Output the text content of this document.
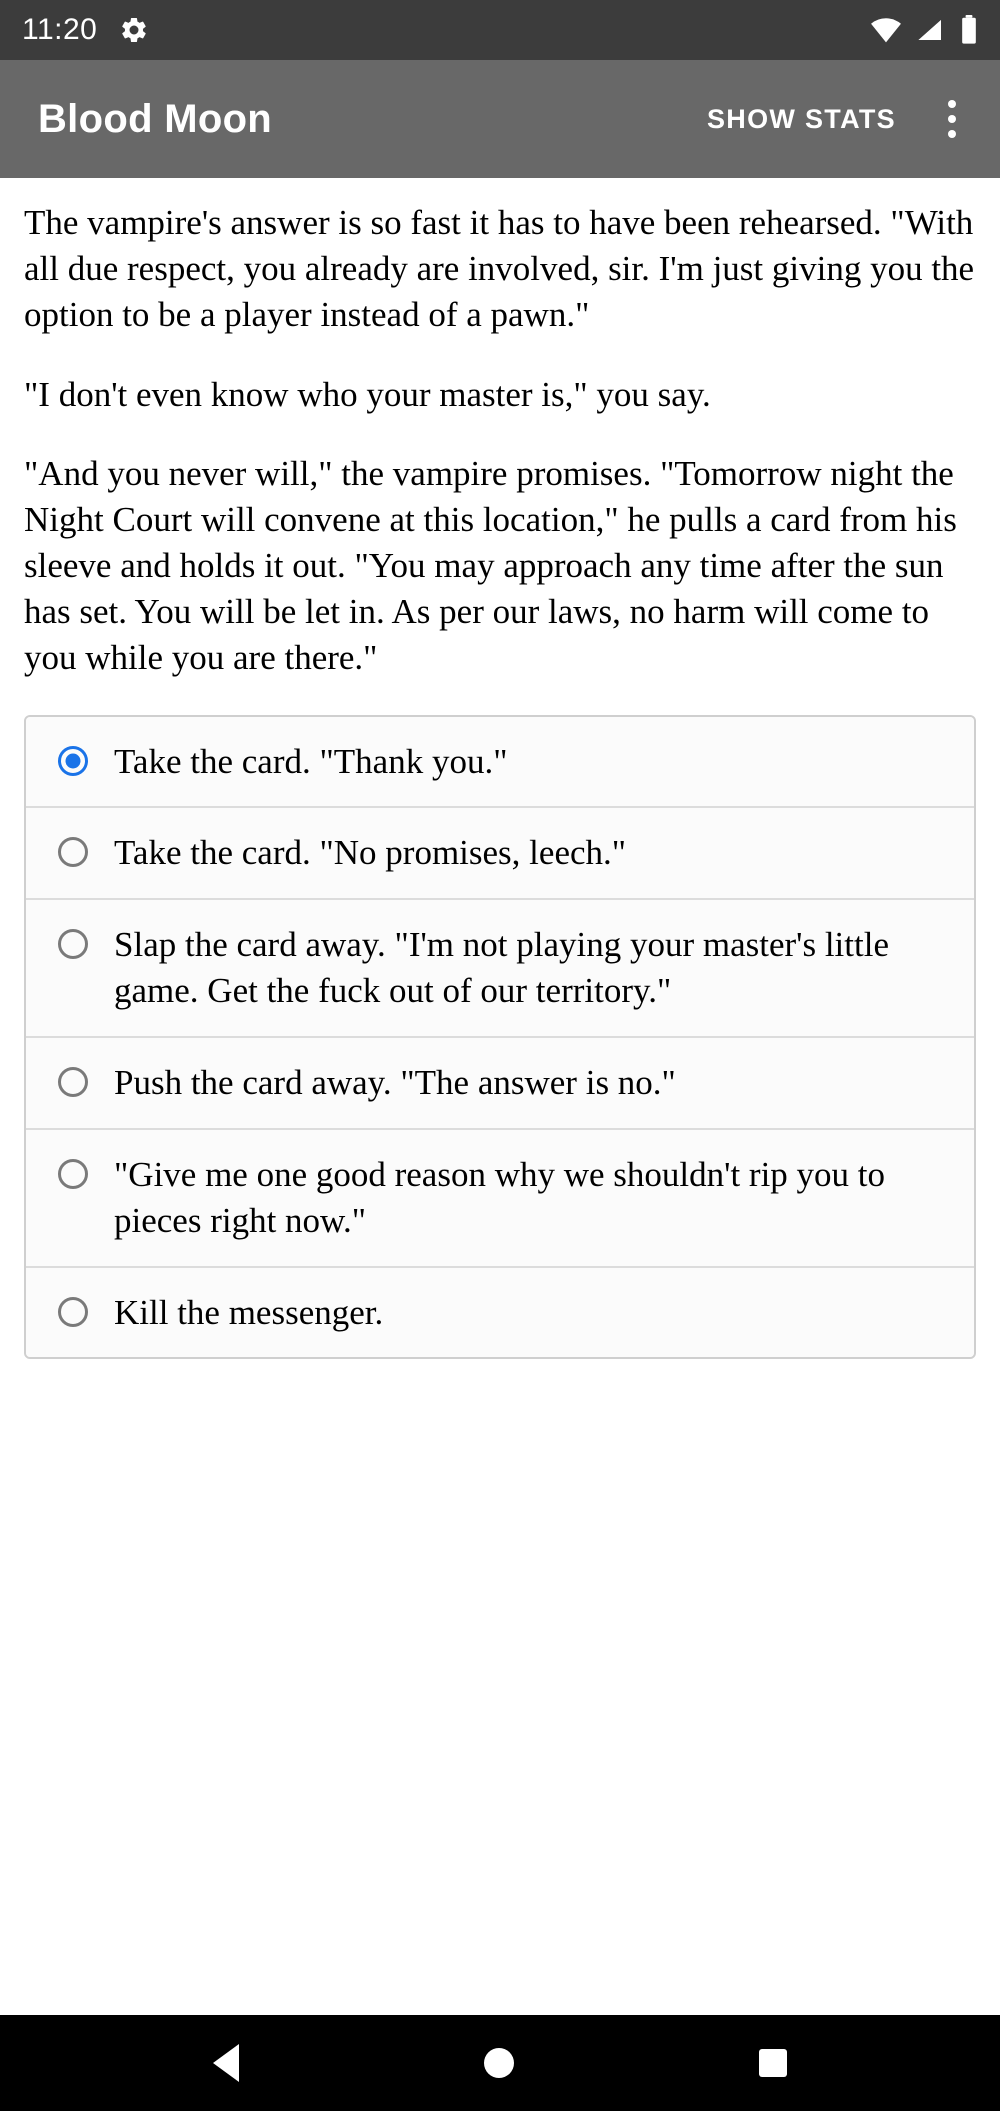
11:20
Blood Moon	SHOW STATS

The vampire's answer is so fast it has to have been rehearsed. "With all due respect, you already are involved, sir. I'm just giving you the option to be a player instead of a pawn."

"I don't even know who your master is," you say.

"And you never will," the vampire promises. "Tomorrow night the Night Court will convene at this location," he pulls a card from his sleeve and holds it out. "You may approach any time after the sun has set. You will be let in. As per our laws, no harm will come to you while you are there."

Take the card. "Thank you."
Take the card. "No promises, leech."
Slap the card away. "I'm not playing your master's little game. Get the fuck out of our territory."
Push the card away. "The answer is no."
"Give me one good reason why we shouldn't rip you to pieces right now."
Kill the messenger.
